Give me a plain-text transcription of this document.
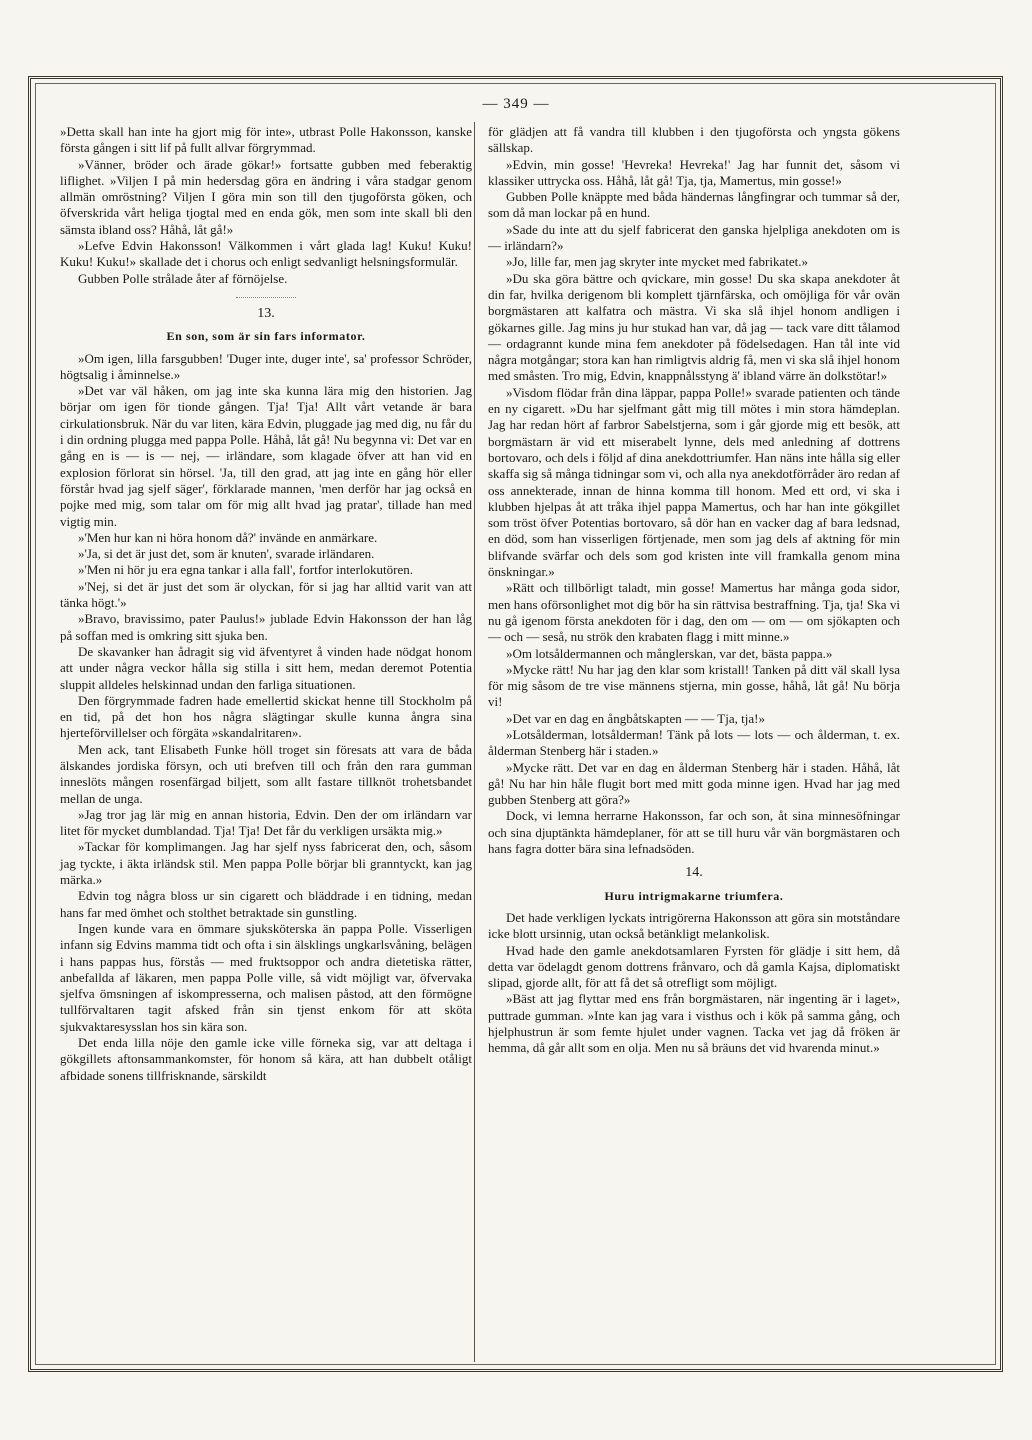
— 349 —

»Detta skall han inte ha gjort mig för inte», utbrast Polle Hakonsson, kanske första gången i sitt lif på fullt allvar förgrymmad.

»Vänner, bröder och ärade gökar!» fortsatte gubben med feberaktig liflighet. »Viljen I på min hedersdag göra en ändring i våra stadgar genom allmän omröstning? Viljen I göra min son till den tjugoförsta göken, och öfverskrida vårt heliga tjogtal med en enda gök, men som inte skall bli den sämsta ibland oss? Håhå, låt gå!»

»Lefve Edvin Hakonsson! Välkommen i vårt glada lag! Kuku! Kuku! Kuku! Kuku!» skallade det i chorus och enligt sedvanligt helsningsformulär.

Gubben Polle strålade åter af förnöjelse.

13.

En son, som är sin fars informator.

»Om igen, lilla farsgubben! 'Duger inte, duger inte', sa' professor Schröder, högtsalig i åminnelse.»

»Det var väl håken, om jag inte ska kunna lära mig den historien. Jag börjar om igen för tionde gången. Tja! Tja! Allt vårt vetande är bara cirkulationsbruk. När du var liten, kära Edvin, pluggade jag med dig, nu får du i din ordning plugga med pappa Polle. Håhå, låt gå! Nu begynna vi: Det var en gång en is — is — nej, — irländare, som klagade öfver att han vid en explosion förlorat sin hörsel. 'Ja, till den grad, att jag inte en gång hör eller förstår hvad jag sjelf säger', förklarade mannen, 'men derför har jag också en pojke med mig, som talar om för mig allt hvad jag pratar', tillade han med vigtig min.

»'Men hur kan ni höra honom då?' invände en anmärkare.

»'Ja, si det är just det, som är knuten', svarade irländaren.

»'Men ni hör ju era egna tankar i alla fall', fortfor interlokutören.

»'Nej, si det är just det som är olyckan, för si jag har alltid varit van att tänka högt.'»

»Bravo, bravissimo, pater Paulus!» jublade Edvin Hakonsson der han låg på soffan med is omkring sitt sjuka ben.

De skavanker han ådragit sig vid äfventyret å vinden hade nödgat honom att under några veckor hålla sig stilla i sitt hem, medan deremot Potentia sluppit alldeles helskinnad undan den farliga situationen.

Den förgrymmade fadren hade emellertid skickat henne till Stockholm på en tid, på det hon hos några slägtingar skulle kunna ångra sina hjerteförvillelser och förgäta »skandalritaren».

Men ack, tant Elisabeth Funke höll troget sin föresats att vara de båda älskandes jordiska försyn, och uti brefven till och från den rara gumman inneslöts mången rosenfärgad biljett, som allt fastare tillknöt trohetsbandet mellan de unga.

»Jag tror jag lär mig en annan historia, Edvin. Den der om irländarn var litet för mycket dumblandad. Tja! Tja! Det får du verkligen ursäkta mig.»

»Tackar för komplimangen. Jag har sjelf nyss fabricerat den, och, såsom jag tyckte, i äkta irländsk stil. Men pappa Polle börjar bli granntyckt, kan jag märka.»

Edvin tog några bloss ur sin cigarett och bläddrade i en tidning, medan hans far med ömhet och stolthet betraktade sin gunstling.

Ingen kunde vara en ömmare sjuksköterska än pappa Polle. Visserligen infann sig Edvins mamma tidt och ofta i sin älsklings ungkarlsvåning, belägen i hans pappas hus, förstås — med fruktsoppor och andra dietetiska rätter, anbefallda af läkaren, men pappa Polle ville, så vidt möjligt var, öfvervaka sjelfva ömsningen af iskompresserna, och malisen påstod, att den förmögne tullförvaltaren tagit afsked från sin tjenst enkom för att sköta sjukvaktaresysslan hos sin kära son.

Det enda lilla nöje den gamle icke ville förneka sig, var att deltaga i gökgillets aftonsammankomster, för honom så kära, att han dubbelt otåligt afbidade sonens tillfrisknande, särskildt

för glädjen att få vandra till klubben i den tjugoförsta och yngsta gökens sällskap.

»Edvin, min gosse! 'Hevreka! Hevreka!' Jag har funnit det, såsom vi klassiker uttrycka oss. Håhå, låt gå! Tja, tja, Mamertus, min gosse!»

Gubben Polle knäppte med båda händernas långfingrar och tummar så der, som då man lockar på en hund.

»Sade du inte att du sjelf fabricerat den ganska hjelpliga anekdoten om is — irländarn?»

»Jo, lille far, men jag skryter inte mycket med fabrikatet.»

»Du ska göra bättre och qvickare, min gosse! Du ska skapa anekdoter åt din far, hvilka derigenom bli komplett tjärnfärska, och omöjliga för vår ovän borgmästaren att kalfatra och mästra. Vi ska slå ihjel honom andligen i gökarnes gille. Jag mins ju hur stukad han var, då jag — tack vare ditt tålamod — ordagrannt kunde mina fem anekdoter på födelsedagen. Han tål inte vid några motgångar; stora kan han rimligtvis aldrig få, men vi ska slå ihjel honom med småsten. Tro mig, Edvin, knappnålsstyng ä' ibland värre än dolkstötar!»

»Visdom flödar från dina läppar, pappa Polle!» svarade patienten och tände en ny cigarett. »Du har sjelfmant gått mig till mötes i min stora hämdeplan. Jag har redan hört af farbror Sabelstjerna, som i går gjorde mig ett besök, att borgmästarn är vid ett miserabelt lynne, dels med anledning af dottrens bortovaro, och dels i följd af dina anekdottriumfer. Han näns inte hålla sig eller skaffa sig så många tidningar som vi, och alla nya anekdotförråder äro redan af oss annekterade, innan de hinna komma till honom. Med ett ord, vi ska i klubben hjelpas åt att tråka ihjel pappa Mamertus, och har han inte gökgillet som tröst öfver Potentias bortovaro, så dör han en vacker dag af bara ledsnad, en död, som han visserligen förtjenade, men som jag dels af aktning för min blifvande svärfar och dels som god kristen inte vill framkalla genom mina önskningar.»

»Rätt och tillbörligt taladt, min gosse! Mamertus har många goda sidor, men hans oförsonlighet mot dig bör ha sin rättvisa bestraffning. Tja, tja! Ska vi nu gå igenom första anekdoten för i dag, den om — om — om sjökapten och — och — seså, nu strök den krabaten flagg i mitt minne.»

»Om lotsåldermannen och månglerskan, var det, bästa pappa.»

»Mycke rätt! Nu har jag den klar som kristall! Tanken på ditt väl skall lysa för mig såsom de tre vise männens stjerna, min gosse, håhå, låt gå! Nu börja vi!

»Det var en dag en ångbåtskapten — — Tja, tja!»

»Lotsålderman, lotsålderman! Tänk på lots — lots — och ålderman, t. ex. ålderman Stenberg här i staden.»

»Mycke rätt. Det var en dag en ålderman Stenberg här i staden. Håhå, låt gå! Nu har hin håle flugit bort med mitt goda minne igen. Hvad har jag med gubben Stenberg att göra?»

Dock, vi lemna herrarne Hakonsson, far och son, åt sina minnesöfningar och sina djuptänkta hämdeplaner, för att se till huru vår vän borgmästaren och hans fagra dotter bära sina lefnadsöden.

14.

Huru intrigmakarne triumfera.

Det hade verkligen lyckats intrigörerna Hakonsson att göra sin motståndare icke blott ursinnig, utan också betänkligt melankolisk.

Hvad hade den gamle anekdotsamlaren Fyrsten för glädje i sitt hem, då detta var ödelagdt genom dottrens frånvaro, och då gamla Kajsa, diplomatiskt slipad, gjorde allt, för att få det så otrefligt som möjligt.

»Bäst att jag flyttar med ens från borgmästaren, när ingenting är i laget», puttrade gumman. »Inte kan jag vara i visthus och i kök på samma gång, och hjelphustrun är som femte hjulet under vagnen. Tacka vet jag då fröken är hemma, då går allt som en olja. Men nu så bräuns det vid hvarenda minut.»
